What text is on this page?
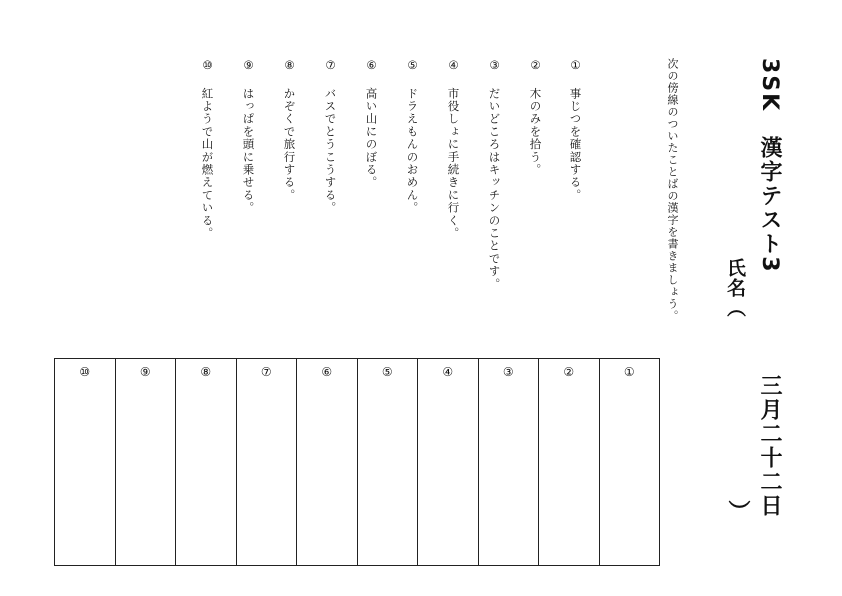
3SK　漢字テスト3
三月二十二日
氏名（
）
次の傍線のついたことばの漢字を書きましょう。
①事じつを確認する。
②木のみを拾う。
③だいどころはキッチンのことです。
④市役しょに手続きに行く。
⑤ドラえもんのおめん。
⑥高い山にのぼる。
⑦バスでとうこうする。
⑧かぞくで旅行する。
⑨はっぱを頭に乗せる。
⑩紅ようで山が燃えている。
①
②
③
④
⑤
⑥
⑦
⑧
⑨
⑩
